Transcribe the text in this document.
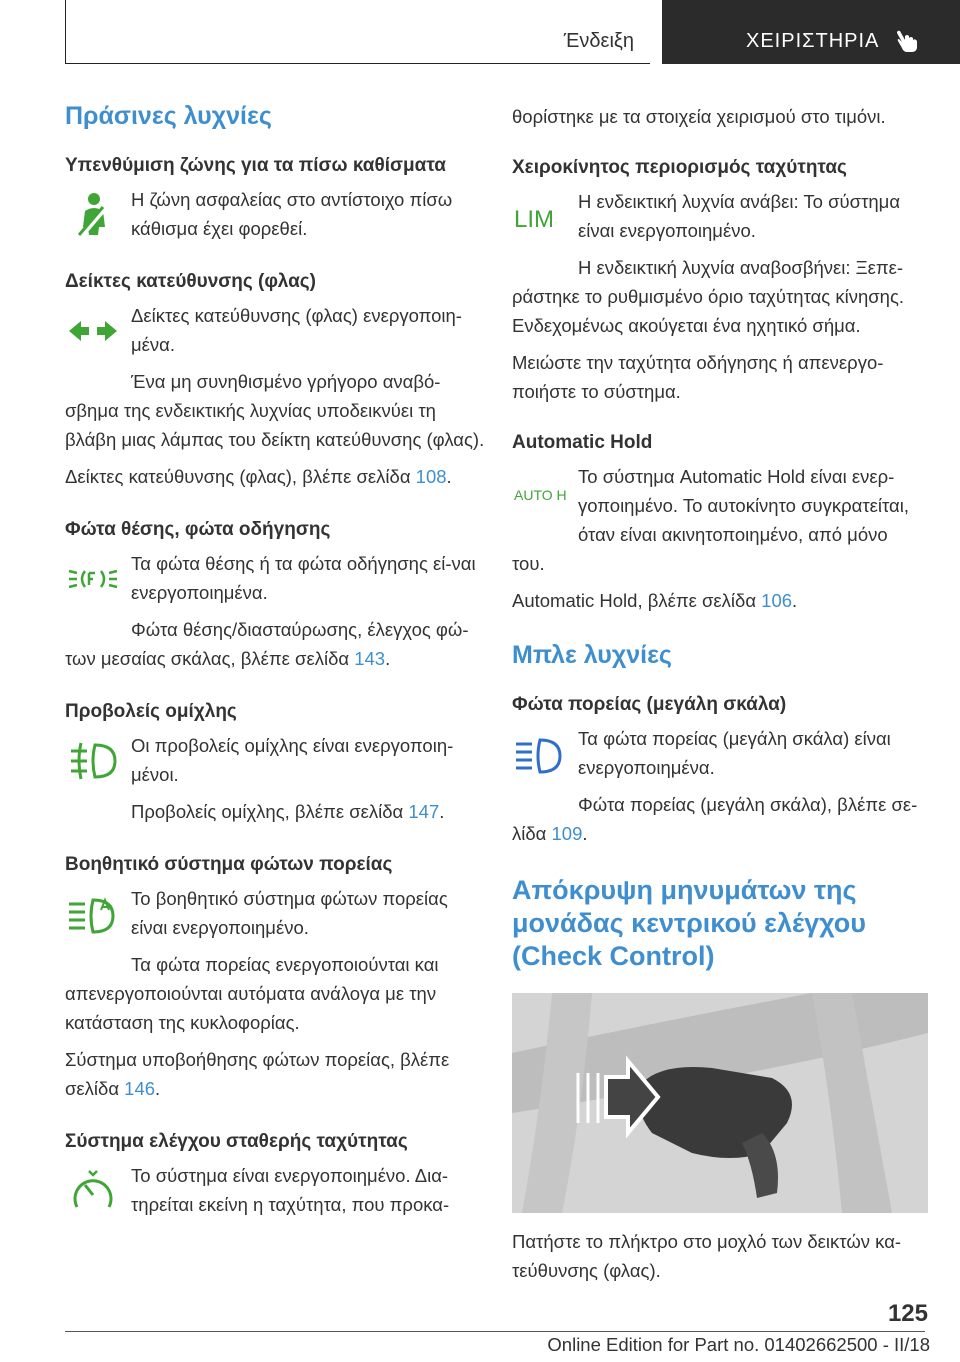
Ένδειξη	ΧΕΙΡΙΣΤΗΡΙΑ
Πράσινες λυχνίες
Υπενθύμιση ζώνης για τα πίσω καθίσματα

Η ζώνη ασφαλείας στο αντίστοιχο πίσω κάθισμα έχει φορεθεί.

Δείκτες κατεύθυνσης (φλας)

Δείκτες κατεύθυνσης (φλας) ενεργοποιη-μένα.

Ένα μη συνηθισμένο γρήγορο αναβό-

σβημα της ενδεικτικής λυχνίας υποδεικνύει τη βλάβη μιας λάμπας του δείκτη κατεύθυνσης (φλας).

Δείκτες κατεύθυνσης (φλας), βλέπε σελίδα 108.

Φώτα θέσης, φώτα οδήγησης

Τα φώτα θέσης ή τα φώτα οδήγησης εί-ναι ενεργοποιημένα.

Φώτα θέσης/διασταύρωσης, έλεγχος φώ-

των μεσαίας σκάλας, βλέπε σελίδα 143.

Προβολείς ομίχλης

Οι προβολείς ομίχλης είναι ενεργοποιη-μένοι.

Προβολείς ομίχλης, βλέπε σελίδα 147.

Βοηθητικό σύστημα φώτων πορείας

Το βοηθητικό σύστημα φώτων πορείας είναι ενεργοποιημένο.

Τα φώτα πορείας ενεργοποιούνται και

απενεργοποιούνται αυτόματα ανάλογα με την κατάσταση της κυκλοφορίας.

Σύστημα υποβοήθησης φώτων πορείας, βλέπε σελίδα 146.

Σύστημα ελέγχου σταθερής ταχύτητας

Το σύστημα είναι ενεργοποιημένο. Δια-τηρείται εκείνη η ταχύτητα, που προκα-

θορίστηκε με τα στοιχεία χειρισμού στο τιμόνι.

Χειροκίνητος περιορισμός ταχύτητας
LIM

Η ενδεικτική λυχνία ανάβει: Το σύστημα είναι ενεργοποιημένο.

Η ενδεικτική λυχνία αναβοσβήνει: Ξεπε-

ράστηκε το ρυθμισμένο όριο ταχύτητας κίνησης. Ενδεχομένως ακούγεται ένα ηχητικό σήμα.

Μειώστε την ταχύτητα οδήγησης ή απενεργο-ποιήστε το σύστημα.

Automatic Hold
AUTO H

Το σύστημα Automatic Hold είναι ενερ-γοποιημένο. Το αυτοκίνητο συγκρατείται, όταν είναι ακινητοποιημένο, από μόνο

του.

Automatic Hold, βλέπε σελίδα 106.

Μπλε λυχνίες
Φώτα πορείας (μεγάλη σκάλα)

Τα φώτα πορείας (μεγάλη σκάλα) είναι ενεργοποιημένα.

Φώτα πορείας (μεγάλη σκάλα), βλέπε σε-

λίδα 109.

Απόκρυψη μηνυμάτων της μονάδας κεντρικού ελέγχου (Check Control)

Πατήστε το πλήκτρο στο μοχλό των δεικτών κα-τεύθυνσης (φλας).

125
Online Edition for Part no. 01402662500 - II/18
